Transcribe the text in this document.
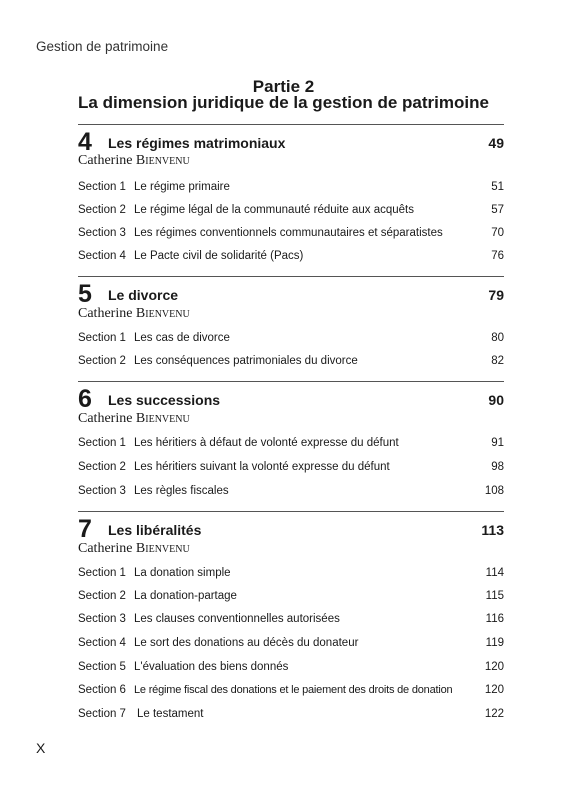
Gestion de patrimoine
Partie 2
La dimension juridique de la gestion de patrimoine
4 Les régimes matrimoniaux	49
Catherine Bienvenu
Section 1 Le régime primaire	51
Section 2 Le régime légal de la communauté réduite aux acquêts	57
Section 3 Les régimes conventionnels communautaires et séparatistes	70
Section 4 Le Pacte civil de solidarité (Pacs)	76
5 Le divorce	79
Catherine Bienvenu
Section 1 Les cas de divorce	80
Section 2 Les conséquences patrimoniales du divorce	82
6 Les successions	90
Catherine Bienvenu
Section 1 Les héritiers à défaut de volonté expresse du défunt	91
Section 2 Les héritiers suivant la volonté expresse du défunt	98
Section 3 Les règles fiscales	108
7 Les libéralités	113
Catherine Bienvenu
Section 1 La donation simple	114
Section 2 La donation-partage	115
Section 3 Les clauses conventionnelles autorisées	116
Section 4 Le sort des donations au décès du donateur	119
Section 5 L'évaluation des biens donnés	120
Section 6 Le régime fiscal des donations et le paiement des droits de donation	120
Section 7 Le testament	122
X
